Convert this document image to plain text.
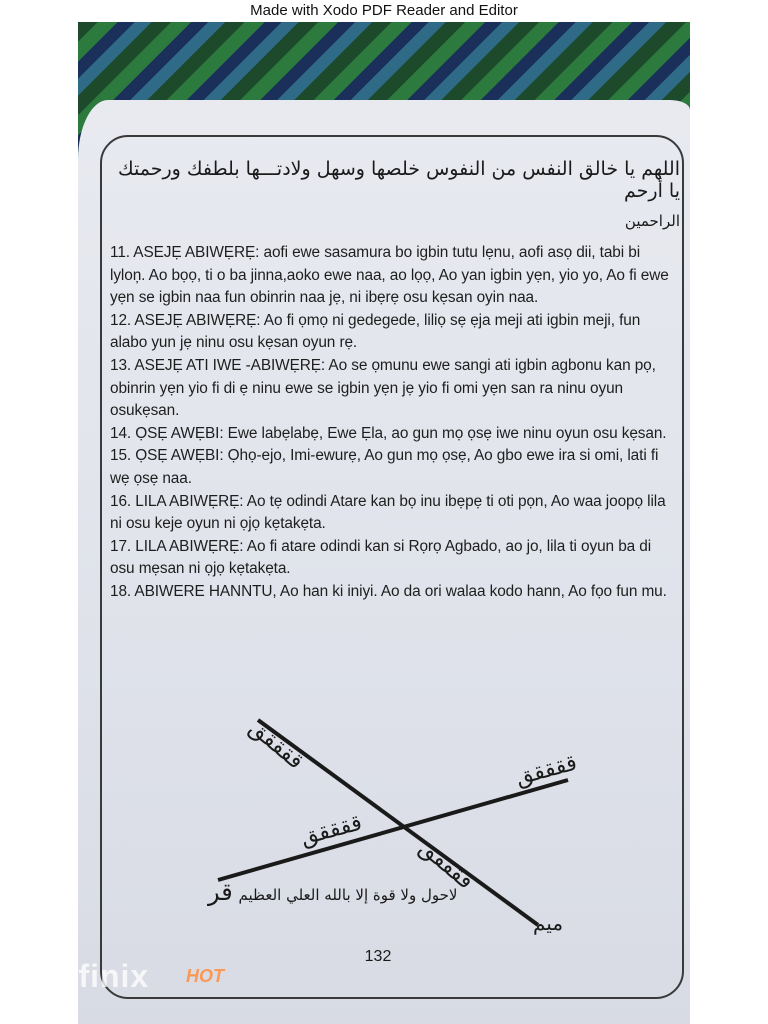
Made with Xodo PDF Reader and Editor
اللهم يا خالق النفس من النفوس خلصها وسهل ولادتـــها بلطفك ورحمتك يا أرحم
الراحمين

11. ASEJẸ ABIWẸRẸ: aofi ewe sasamura bo igbin tutu lẹnu, aofi asọ dii, tabi bi lyloņ. Ao bọọ, ti o ba jinna,aoko ewe naa, ao lọọ, Ao yan igbin yẹn, yio yo, Ao fi ewe yẹn se igbin naa fun obinrin naa jẹ, ni ibẹrẹ osu kẹsan oyin naa.

12. ASEJẸ ABIWẸRẸ: Ao fi ọmọ ni gedegede, liliọ sẹ ẹja meji ati igbin meji, fun alabo yun jẹ ninu osu kẹsan oyun rẹ.

13. ASEJẸ ATI IWE -ABIWẸRẸ: Ao se ọmunu ewe sangi ati igbin agbonu kan pọ, obinrin yẹn yio fi di ẹ ninu ewe se igbin yẹn jẹ yio fi omi yẹn san ra ninu oyun osukẹsan.

14. ỌSẸ AWẸBI: Ewe labẹlabẹ, Ewe Ẹla, ao gun mọ ọsẹ iwe ninu oyun osu kẹsan.

15. ỌSẸ AWẸBI: Ọhọ-ejo, Imi-ewurẹ, Ao gun mọ ọsẹ, Ao gbo ewe ira si omi, lati fi wẹ ọsẹ naa.

16. LILA ABIWẸRẸ: Ao tẹ odindi Atare kan bọ inu ibẹpẹ ti oti pọn, Ao waa joopọ lila ni osu keje oyun ni ọjọ kẹtakẹta.

17. LILA ABIWẸRẸ: Ao fi atare odindi kan si Rọrọ Agbado, ao jo, lila ti oyun ba di osu mẹsan ni ọjọ kẹtakẹta.

18. ABIWERE HANNTU, Ao han ki iniyi. Ao da ori walaa kodo hann, Ao fọo fun mu.

ققققق	ققققق
ققققق
ققققق
قر
ميم
لاحول ولا قوة إلا بالله العلي العظيم
132
Infinix HOT
